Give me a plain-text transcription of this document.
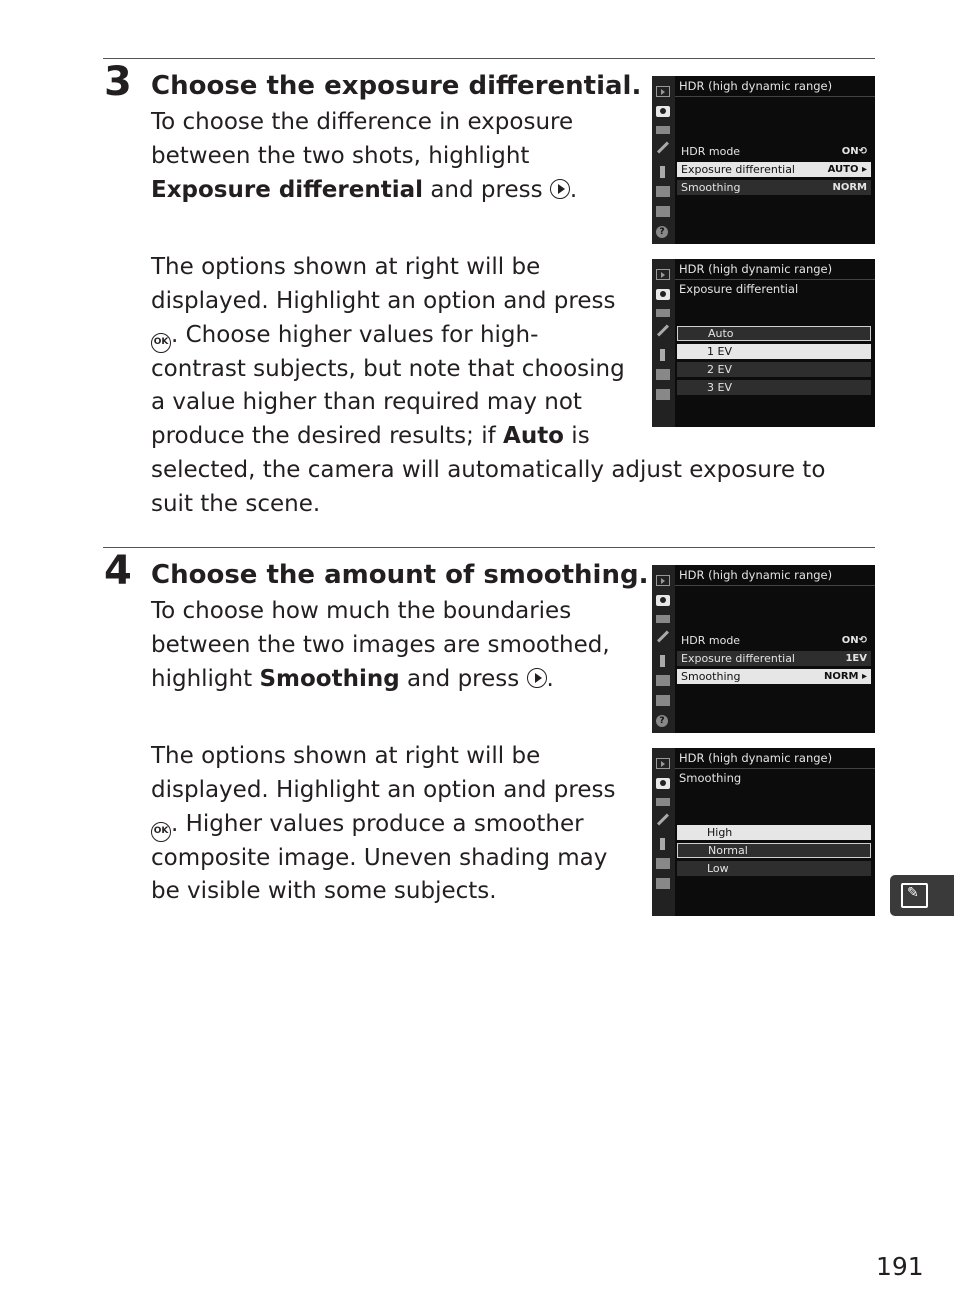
3 Choose the exposure differential.

To choose the difference in exposure between the two shots, highlight Exposure differential and press .

The options shown at right will be displayed. Highlight an option and press OK . Choose higher values for high-contrast subjects, but note that choosing a value higher than required may not produce the desired results; if Auto is selected, the camera will automatically adjust exposure to suit the scene.

?
HDR (high dynamic range)
HDR mode	ON⟲
Exposure differential	AUTO ▸
Smoothing	NORM
HDR (high dynamic range)
Exposure differential
Auto
1 EV
2 EV
3 EV
4 Choose the amount of smoothing.

To choose how much the boundaries between the two images are smoothed, highlight Smoothing and press .

The options shown at right will be displayed. Highlight an option and press OK . Higher values produce a smoother composite image. Uneven shading may be visible with some subjects.

?
HDR (high dynamic range)
HDR mode	ON⟲
Exposure differential	1EV
Smoothing	NORM ▸
HDR (high dynamic range)
Smoothing
High
Normal
Low
✎
191
